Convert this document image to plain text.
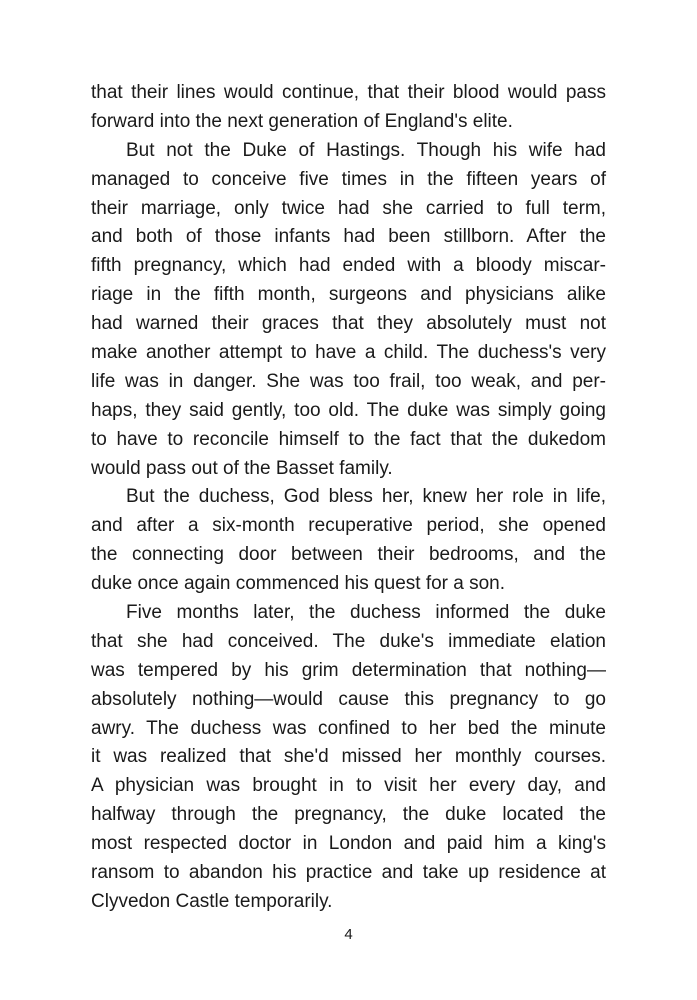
that their lines would continue, that their blood would pass
forward into the next generation of England's elite.
But not the Duke of Hastings. Though his wife had
managed to conceive five times in the fifteen years of
their marriage, only twice had she carried to full term,
and both of those infants had been stillborn. After the
fifth pregnancy, which had ended with a bloody miscar-
riage in the fifth month, surgeons and physicians alike
had warned their graces that they absolutely must not
make another attempt to have a child. The duchess's very
life was in danger. She was too frail, too weak, and per-
haps, they said gently, too old. The duke was simply going
to have to reconcile himself to the fact that the dukedom
would pass out of the Basset family.
But the duchess, God bless her, knew her role in life,
and after a six-month recuperative period, she opened
the connecting door between their bedrooms, and the
duke once again commenced his quest for a son.
Five months later, the duchess informed the duke
that she had conceived. The duke's immediate elation
was tempered by his grim determination that nothing—
absolutely nothing—would cause this pregnancy to go
awry. The duchess was confined to her bed the minute
it was realized that she'd missed her monthly courses.
A physician was brought in to visit her every day, and
halfway through the pregnancy, the duke located the
most respected doctor in London and paid him a king's
ransom to abandon his practice and take up residence at
Clyvedon Castle temporarily.
4
